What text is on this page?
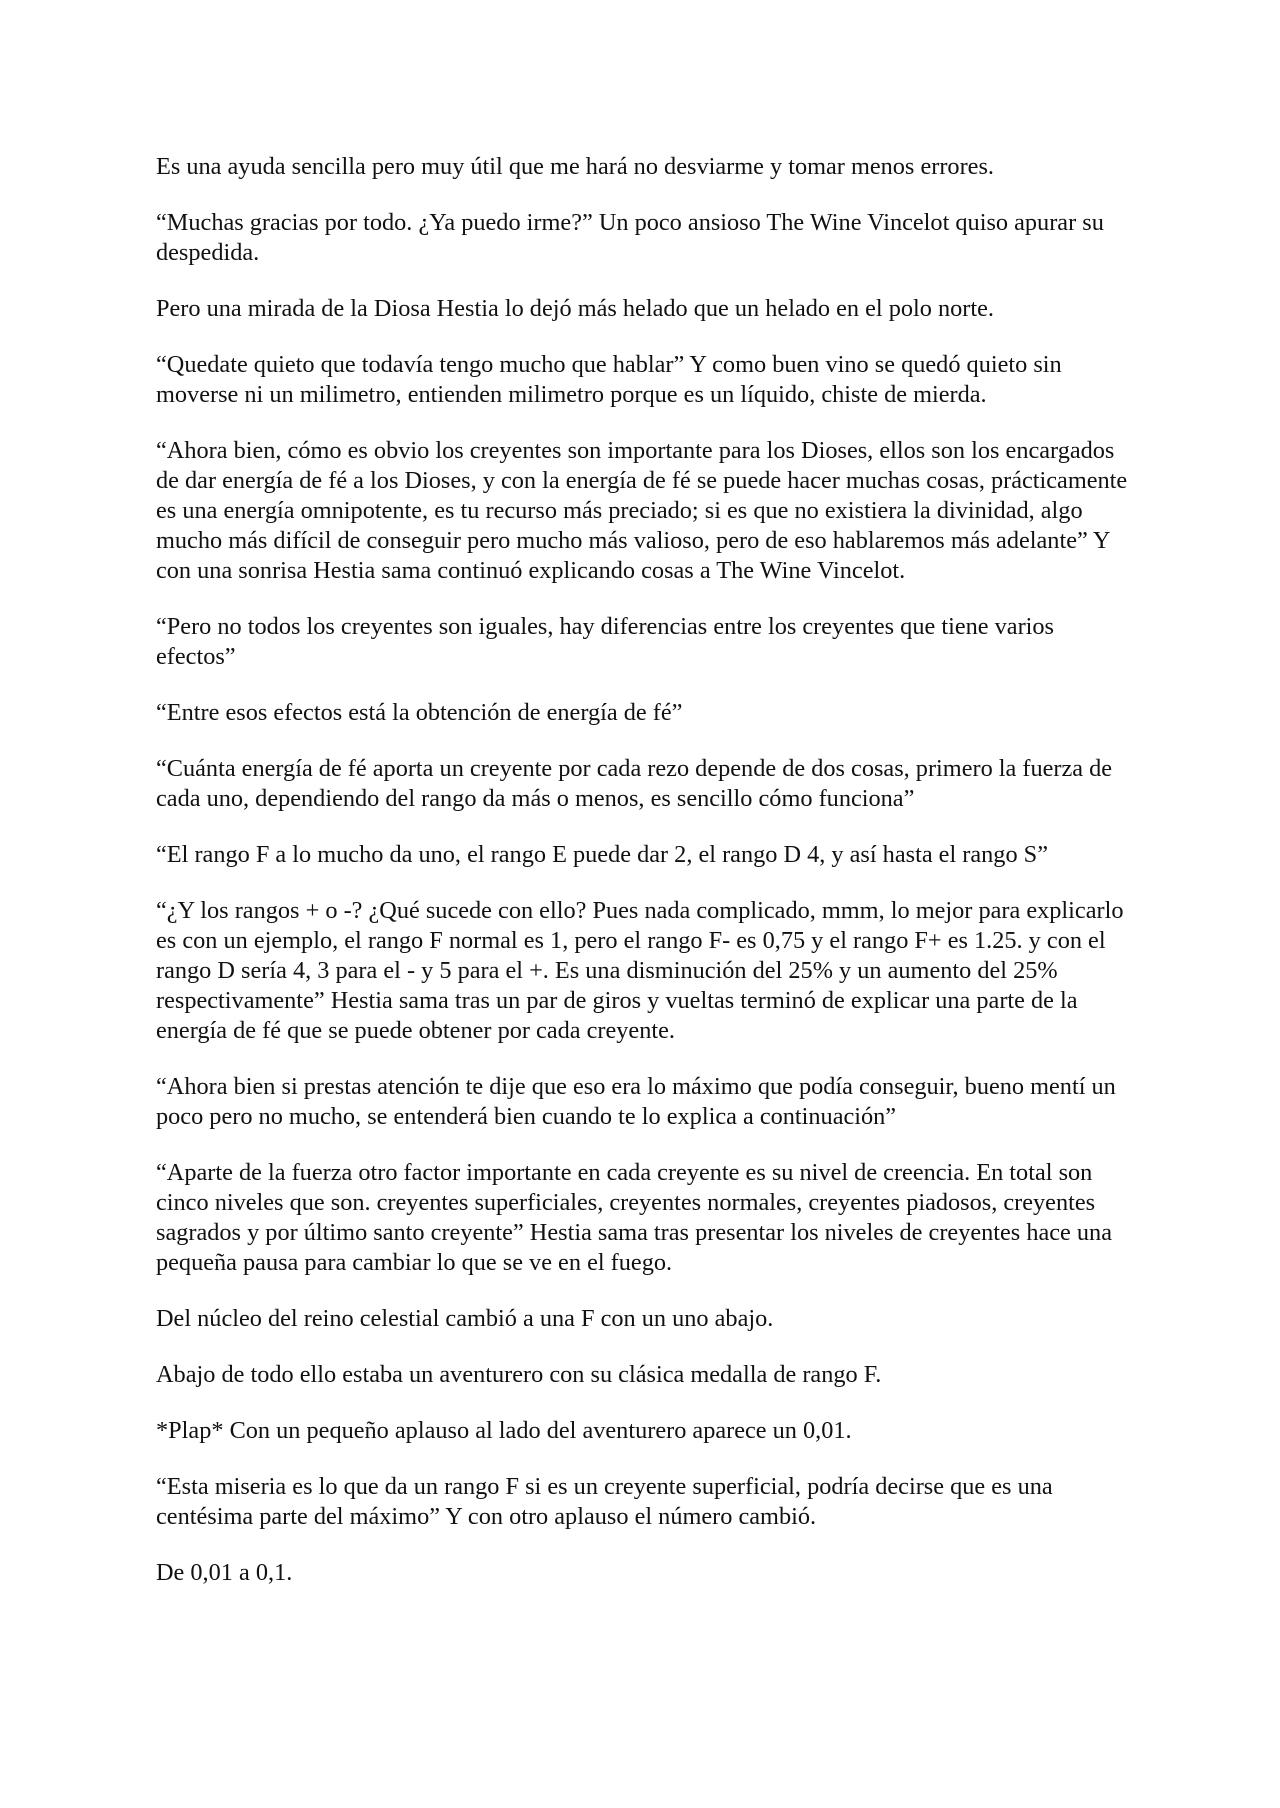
Es una ayuda sencilla pero muy útil que me hará no desviarme y tomar menos errores.

“Muchas gracias por todo. ¿Ya puedo irme?” Un poco ansioso The Wine Vincelot quiso apurar su despedida.

Pero una mirada de la Diosa Hestia lo dejó más helado que un helado en el polo norte.

“Quedate quieto que todavía tengo mucho que hablar” Y como buen vino se quedó quieto sin moverse ni un milimetro, entienden milimetro porque es un líquido, chiste de mierda.

“Ahora bien, cómo es obvio los creyentes son importante para los Dioses, ellos son los encargados de dar energía de fé a los Dioses, y con la energía de fé se puede hacer muchas cosas, prácticamente es una energía omnipotente, es tu recurso más preciado; si es que no existiera la divinidad, algo mucho más difícil de conseguir pero mucho más valioso, pero de eso hablaremos más adelante” Y con una sonrisa Hestia sama continuó explicando cosas a The Wine Vincelot.

“Pero no todos los creyentes son iguales, hay diferencias entre los creyentes que tiene varios efectos”

“Entre esos efectos está la obtención de energía de fé”

“Cuánta energía de fé aporta un creyente por cada rezo depende de dos cosas, primero la fuerza de cada uno, dependiendo del rango da más o menos, es sencillo cómo funciona”

“El rango F a lo mucho da uno, el rango E puede dar 2, el rango D 4, y así hasta el rango S”

“¿Y los rangos + o -? ¿Qué sucede con ello? Pues nada complicado, mmm, lo mejor para explicarlo es con un ejemplo, el rango F normal es 1, pero el rango F- es 0,75 y el rango F+ es 1.25. y con el rango D sería 4, 3 para el - y 5 para el +. Es una disminución del 25% y un aumento del 25% respectivamente” Hestia sama tras un par de giros y vueltas terminó de explicar una parte de la energía de fé que se puede obtener por cada creyente.

“Ahora bien si prestas atención te dije que eso era lo máximo que podía conseguir, bueno mentí un poco pero no mucho, se entenderá bien cuando te lo explica a continuación”

“Aparte de la fuerza otro factor importante en cada creyente es su nivel de creencia. En total son cinco niveles que son. creyentes superficiales, creyentes normales, creyentes piadosos, creyentes sagrados y por último santo creyente” Hestia sama tras presentar los niveles de creyentes hace una pequeña pausa para cambiar lo que se ve en el fuego.

Del núcleo del reino celestial cambió a una F con un uno abajo.

Abajo de todo ello estaba un aventurero con su clásica medalla de rango F.

*Plap* Con un pequeño aplauso al lado del aventurero aparece un 0,01.

“Esta miseria es lo que da un rango F si es un creyente superficial, podría decirse que es una centésima parte del máximo” Y con otro aplauso el número cambió.

De 0,01 a 0,1.
